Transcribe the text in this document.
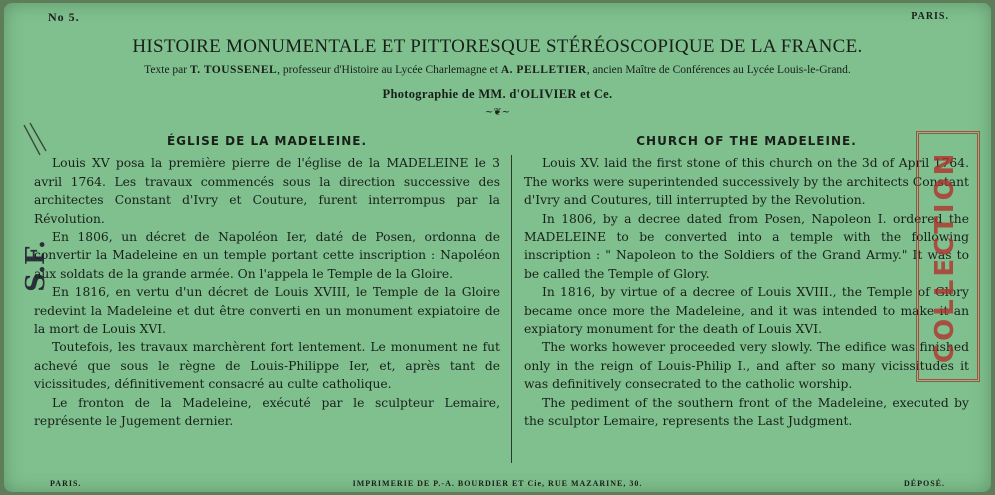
No 5.	PARIS.
HISTOIRE MONUMENTALE ET PITTORESQUE STÉRÉOSCOPIQUE DE LA FRANCE.
Texte par T. TOUSSENEL, professeur d'Histoire au Lycée Charlemagne et A. PELLETIER, ancien Maître de Conférences au Lycée Louis-le-Grand.
Photographie de MM. d'OLIVIER et Ce.
~❦~
S.F.
ÉGLISE DE LA MADELEINE.

Louis XV posa la première pierre de l'église de la MADELEINE le 3 avril 1764. Les travaux commencés sous la direction successive des architectes Constant d'Ivry et Couture, furent interrompus par la Révolution.

En 1806, un décret de Napoléon Ier, daté de Posen, ordonna de convertir la Madeleine en un temple portant cette inscription : Napoléon aux soldats de la grande armée. On l'appela le Temple de la Gloire.

En 1816, en vertu d'un décret de Louis XVIII, le Temple de la Gloire redevint la Madeleine et dut être converti en un monument expiatoire de la mort de Louis XVI.

Toutefois, les travaux marchèrent fort lentement. Le monument ne fut achevé que sous le règne de Louis-Philippe Ier, et, après tant de vicissitudes, définitivement consacré au culte catholique.

Le fronton de la Madeleine, exécuté par le sculpteur Lemaire, représente le Jugement dernier.

CHURCH OF THE MADELEINE.

Louis XV. laid the first stone of this church on the 3d of April 1764. The works were superintended successively by the architects Constant d'Ivry and Coutures, till interrupted by the Revolution.

In 1806, by a decree dated from Posen, Napoleon I. ordered the MADELEINE to be converted into a temple with the following inscription : " Napoleon to the Soldiers of the Grand Army." It was to be called the Temple of Glory.

In 1816, by virtue of a decree of Louis XVIII., the Temple of Glory became once more the Madeleine, and it was intended to make it an expiatory monument for the death of Louis XVI.

The works however proceeded very slowly. The edifice was finished only in the reign of Louis-Philip I., and after so many vicissitudes it was definitively consecrated to the catholic worship.

The pediment of the southern front of the Madeleine, executed by the sculptor Lemaire, represents the Last Judgment.

COLLECTION
PARIS.	IMPRIMERIE DE P.-A. BOURDIER ET Cie, RUE MAZARINE, 30.	DÉPOSÉ.
